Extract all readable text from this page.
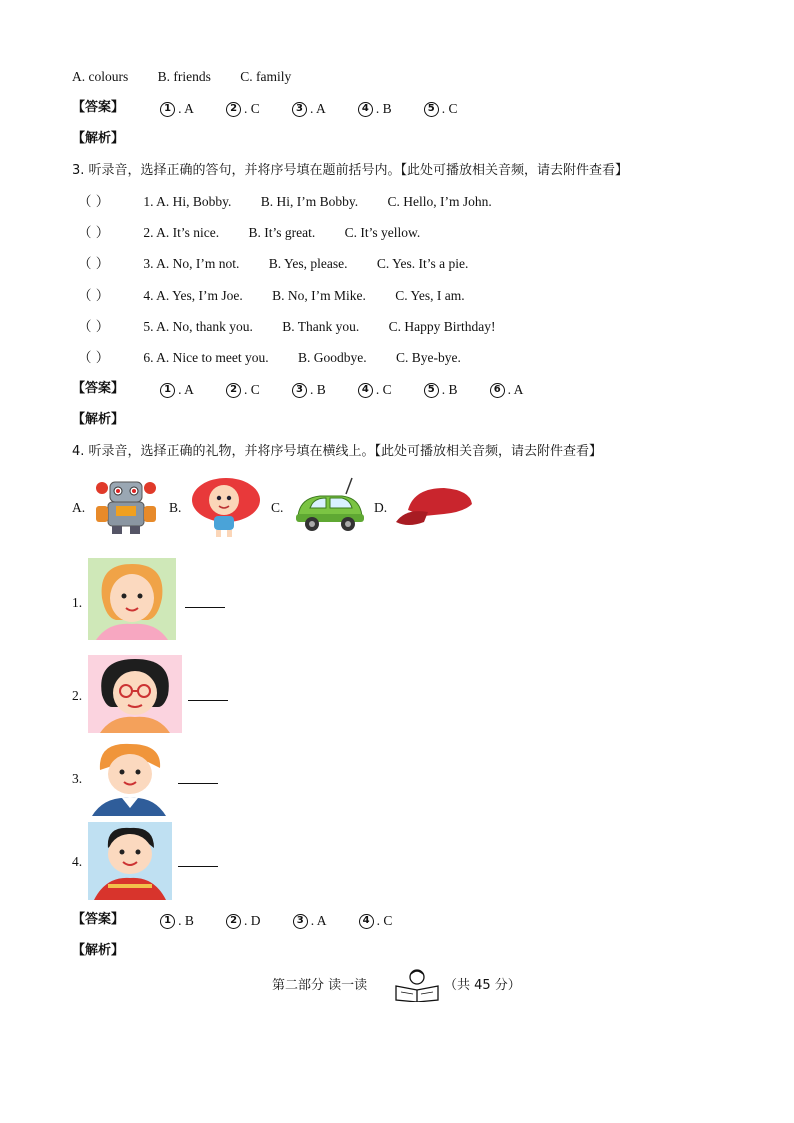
A. colours B. friends C. family
【答案】	1 . A
	2 . C
	3 . A
	4 . B
	5 . C
【解析】
3. 听录音，选择正确的答句，并将序号填在题前括号内。【此处可播放相关音频，请去附件查看】
（ ）	1. A. Hi, Bobby. B. Hi, I’m Bobby. C. Hello, I’m John.
（ ）	2. A. It’s nice. B. It’s great. C. It’s yellow.
（ ）	3. A. No, I’m not. B. Yes, please. C. Yes. It’s a pie.
（ ）	4. A. Yes, I’m Joe. B. No, I’m Mike. C. Yes, I am.
（ ）	5. A. No, thank you. B. Thank you. C. Happy Birthday!
（ ）	6. A. Nice to meet you. B. Goodbye. C. Bye-bye.
【答案】	1 . A
	2 . C
	3 . B
	4 . C
	5 . B
	6 . A
【解析】
4. 听录音，选择正确的礼物，并将序号填在横线上。【此处可播放相关音频，请去附件查看】
A.	B.	C.	D.
1.
2.
3.
4.
【答案】	1 . B
	2 . D
	3 . A
	4 . C
【解析】
第二部分 读一读	（共 45 分）
